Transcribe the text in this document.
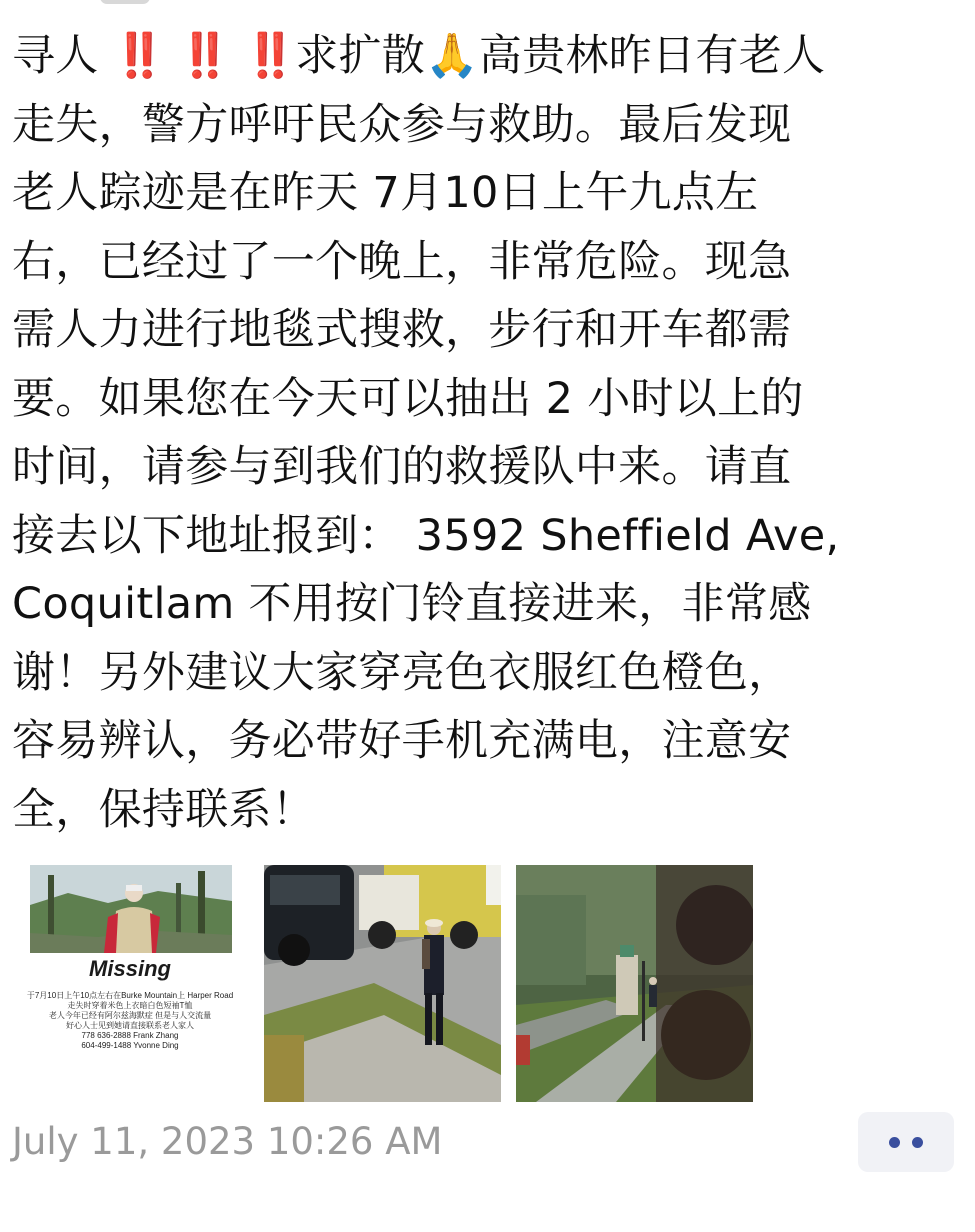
寻人 ‼️ ‼️ ‼️求扩散🙏高贵林昨日有老人
走失，警方呼吁民众参与救助。最后发现
老人踪迹是在昨天 7月10日上午九点左
右，已经过了一个晚上，非常危险。现急
需人力进行地毯式搜救，步行和开车都需
要。如果您在今天可以抽出 2 小时以上的
时间，请参与到我们的救援队中来。请直
接去以下地址报到： 3592 Sheffield Ave,
Coquitlam 不用按门铃直接进来，非常感
谢！另外建议大家穿亮色衣服红色橙色，
容易辨认，务必带好手机充满电，注意安
全，保持联系！
Missing
于7月10日上午10点左右在Burke Mountain上 Harper Road
走失时穿着米色上衣暗白色短袖T恤
老人今年已经有阿尔兹海默症 但是与人交流量
好心人士见到她请直接联系老人家人
778 636-2888 Frank Zhang
604-499-1488 Yvonne Ding
July 11, 2023 10:26 AM
